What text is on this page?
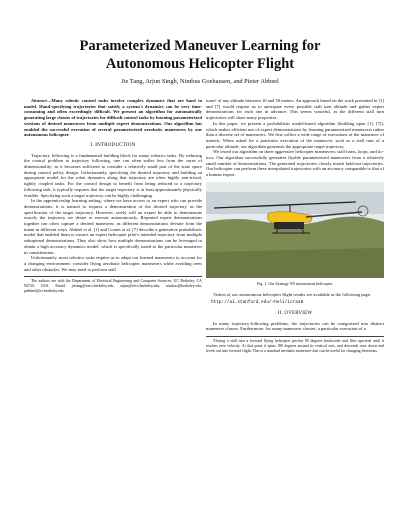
Parameterized Maneuver Learning for
Autonomous Helicopter Flight
Jie Tang, Arjun Singh, Nimbus Goehausen, and Pieter Abbeel

Abstract—Many robotic control tasks involve complex dynamics that are hard to model. Hand-specifying trajectories that satisfy a system's dynamics can be very time-consuming and often exceedingly difficult. We present an algorithm for automatically generating large classes of trajectories for difficult control tasks by learning parameterized versions of desired maneuvers from multiple expert demonstrations. Our algorithm has enabled the successful execution of several parameterized aerobatic maneuvers by our autonomous helicopter.

I. INTRODUCTION

Trajectory following is a fundamental building block for many robotics tasks. By reducing the control problem to trajectory following, one can often suffer less from the curse of dimensionality: as it becomes sufficient to consider a relatively small part of the state space during control policy design. Unfortunately, specifying the desired trajectory and building an appropriate model for the robot dynamics along that trajectory are often highly non-trivial, tightly coupled tasks. For the control design to benefit from being reduced to a trajectory following task, it typically requires that the target trajectory is at least approximately physically feasible. Specifying such a target trajectory can be highly challenging.

In the apprenticeship learning setting, where we have access to an expert who can provide demonstrations, it is natural to request a demonstration of the desired trajectory as the specification of the target trajectory. However, rarely will an expert be able to demonstrate exactly the trajectory we desire to execute autonomously. Repeated expert demonstrations together can often capture a desired maneuver, as different demonstrations deviate from the intent in different ways. Abbeel et al. [1] and Coates et al. [7] describe a generative probabilistic model that enabled them to extract an expert helicopter pilot's intended trajectory from multiple suboptimal demonstrations. They also show how multiple demonstrations can be leveraged to obtain a high accuracy dynamics model, which is specifically tuned to the particular maneuver in consideration.

Unfortunately, most robotics tasks require us to adapt our learned maneuvers to account for a changing environment: consider flying aerobatic helicopter maneuvers while avoiding trees and other obstacles. We may need to perform stall

The authors are with the Department of Electrical Engineering and Computer Sciences, UC Berkeley, CA 94720, USA. Email: jietang@eecs.berkeley.edu, arjun@eecs.berkeley.edu, nimbus@berkeley.edu, pabbeel@cs.berkeley.edu

turns¹ of any altitude between 10 and 50 meters. An approach based on the work presented in [1] and [7] would require us to anticipate every possible stall turn altitude and gather expert demonstrations for each one in advance. This seems wasteful, as the different stall turn trajectories will share many properties.

In this paper, we present a probabilistic model-based algorithm (building upon [1], [7]), which makes efficient use of expert demonstrations by learning parameterized maneuvers rather than a discrete set of maneuvers. We first collect a wide range of executions of the maneuver of interest. When asked for a particular execution of the maneuver, such as a stall turn of a particular altitude, our algorithm generates the appropriate target trajectory.

We tested our algorithm on three aggressive helicopter maneuvers: stall turns, loops, and tic-tocs. Our algorithm successfully generates flyable parameterized maneuvers from a relatively small number of demonstrations. The generated trajectories closely match held-out trajectories. Our helicopter can perform these interpolated trajectories with an accuracy comparable to that of a human expert.

Fig. 1. Our Synergy N9 autonomous helicopter.

Videos of our autonomous helicopter flight results are available at the following page:

http://ai.stanford.edu/~heli/icra10
II. OVERVIEW

In many trajectory-following problems, the trajectories can be categorized into distinct maneuver classes. Furthermore, for many maneuver classes, a particular execution of a

¹During a stall turn a forward flying helicopter pitches 90 degrees backwards and flies upwards until it reaches zero velocity. At that point it spins 180 degrees around its vertical axis, and descends nose down and levels out into forward flight. This is a standard aerobatic maneuver that can be useful for changing directions.
